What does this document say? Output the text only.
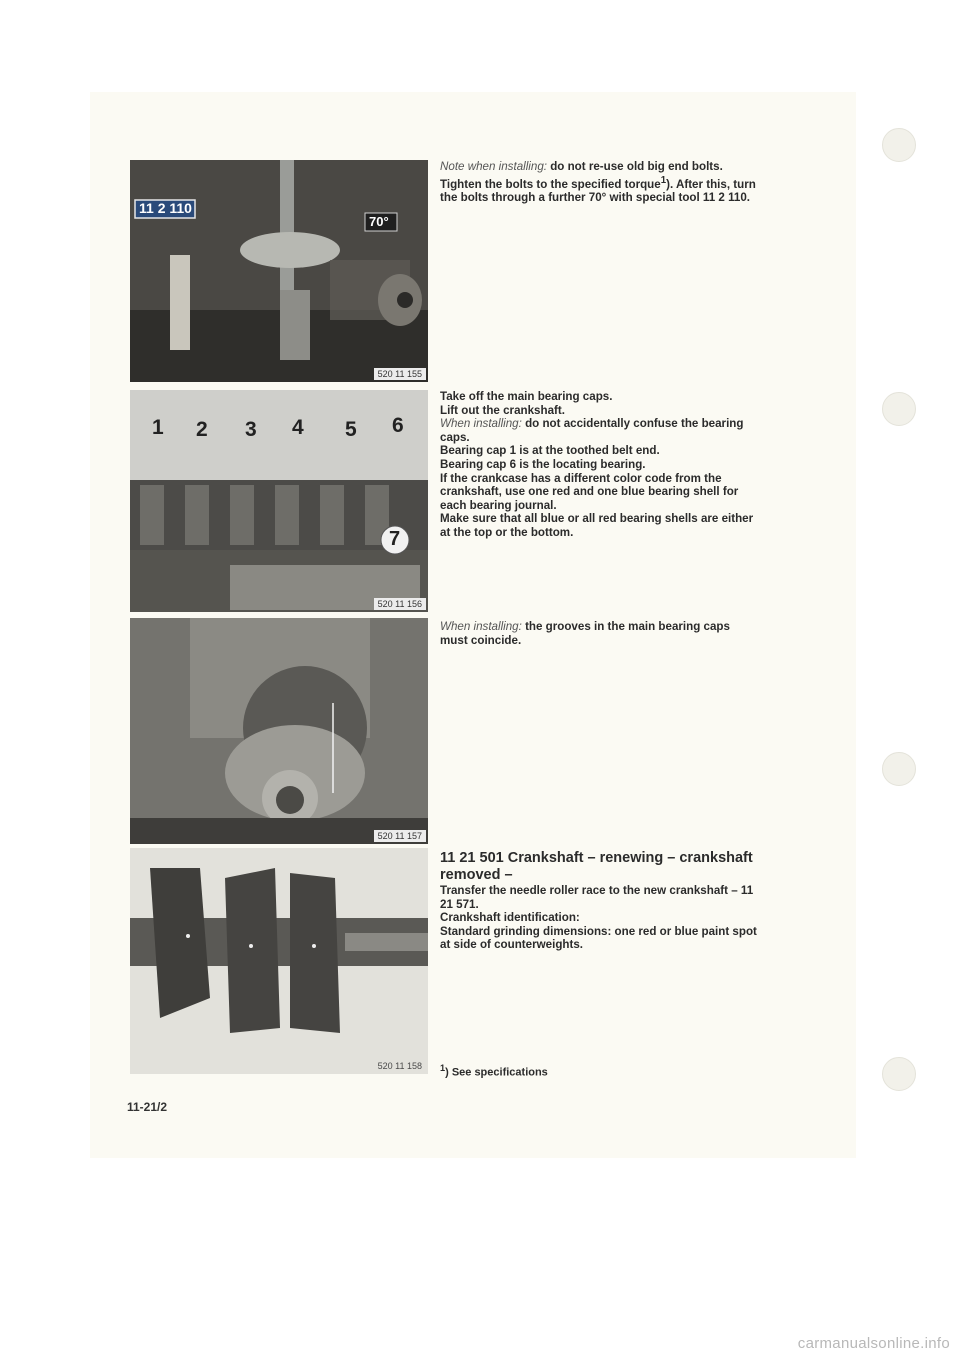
11 2 110
70°
520 11 155
1 2 3 4 5 6
7
520 11 156
520 11 157
520 11 158

Note when installing: do not re-use old big end bolts. Tighten the bolts to the specified torque$^1$). After this, turn the bolts through a further 70° with special tool 11 2 110.

Take off the main bearing caps.

Lift out the crankshaft.

When installing: do not accidentally confuse the bearing caps.

Bearing cap 1 is at the toothed belt end.

Bearing cap 6 is the locating bearing.

If the crankcase has a different color code from the crankshaft, use one red and one blue bearing shell for each bearing journal.

Make sure that all blue or all red bearing shells are either at the top or the bottom.

When installing: the grooves in the main bearing caps must coincide.

11 21 501 Crankshaft – renewing – crankshaft removed –

Transfer the needle roller race to the new crankshaft – 11 21 571.

Crankshaft identification:

Standard grinding dimensions: one red or blue paint spot at side of counterweights.

$^1$) See specifications

11-21/2
carmanualsonline.info
